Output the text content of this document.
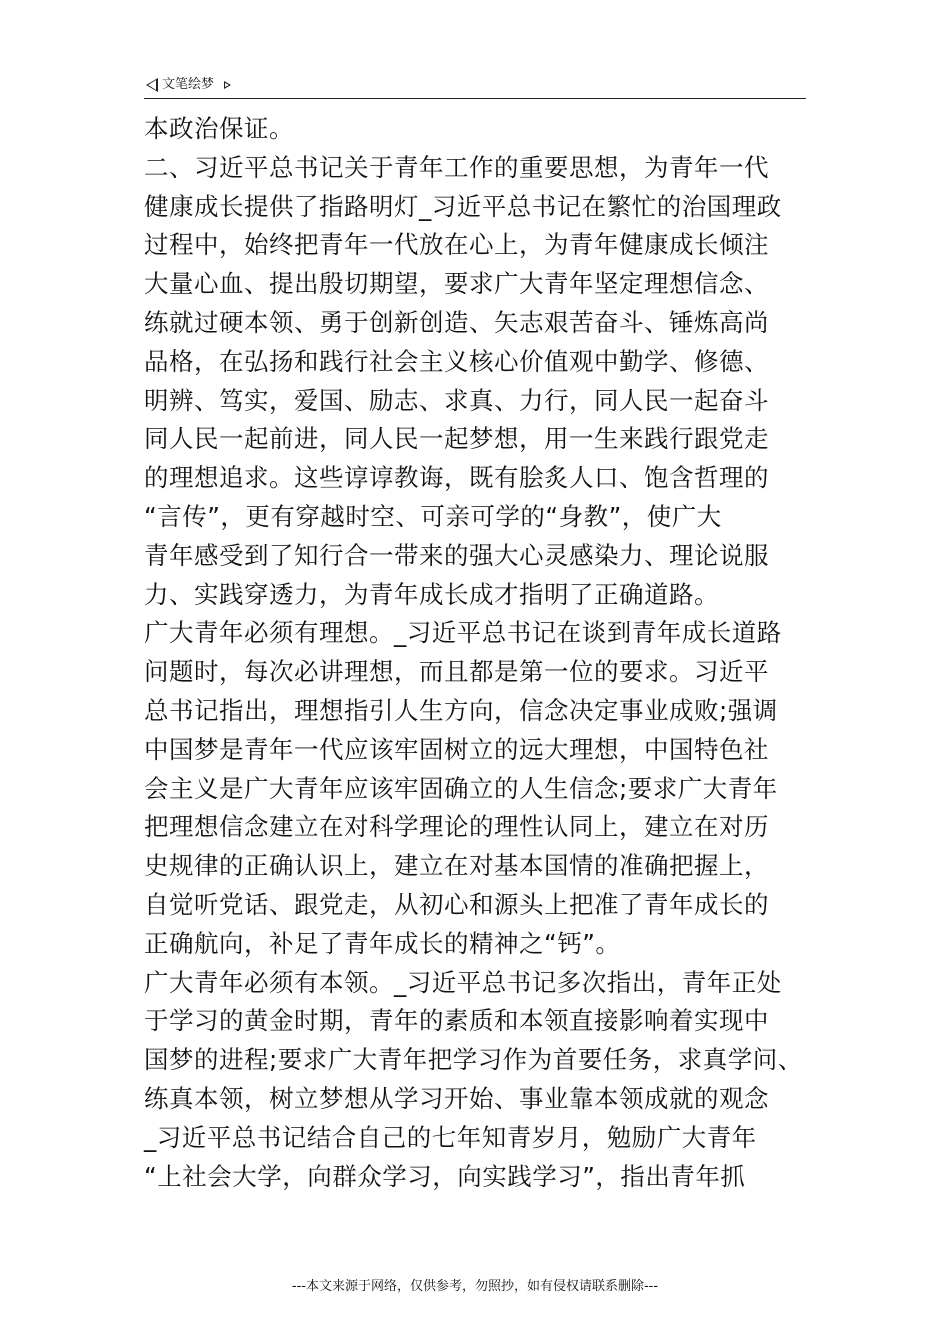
文笔绘梦
本政治保证。
二、习近平总书记关于青年工作的重要思想，为青年一代
健康成长提供了指路明灯_习近平总书记在繁忙的治国理政
过程中，始终把青年一代放在心上，为青年健康成长倾注
大量心血、提出殷切期望，要求广大青年坚定理想信念、
练就过硬本领、勇于创新创造、矢志艰苦奋斗、锤炼高尚
品格，在弘扬和践行社会主义核心价值观中勤学、修德、
明辨、笃实，爱国、励志、求真、力行，同人民一起奋斗
同人民一起前进，同人民一起梦想，用一生来践行跟党走
的理想追求。这些谆谆教诲，既有脍炙人口、饱含哲理的
“言传”，更有穿越时空、可亲可学的“身教”，使广大
青年感受到了知行合一带来的强大心灵感染力、理论说服
力、实践穿透力，为青年成长成才指明了正确道路。
广大青年必须有理想。_习近平总书记在谈到青年成长道路
问题时，每次必讲理想，而且都是第一位的要求。习近平
总书记指出，理想指引人生方向，信念决定事业成败;强调
中国梦是青年一代应该牢固树立的远大理想，中国特色社
会主义是广大青年应该牢固确立的人生信念;要求广大青年
把理想信念建立在对科学理论的理性认同上，建立在对历
史规律的正确认识上，建立在对基本国情的准确把握上，
自觉听党话、跟党走，从初心和源头上把准了青年成长的
正确航向，补足了青年成长的精神之“钙”。
广大青年必须有本领。_习近平总书记多次指出，青年正处
于学习的黄金时期，青年的素质和本领直接影响着实现中
国梦的进程;要求广大青年把学习作为首要任务，求真学问、
练真本领，树立梦想从学习开始、事业靠本领成就的观念
_习近平总书记结合自己的七年知青岁月，勉励广大青年
“上社会大学，向群众学习，向实践学习”，指出青年抓
---本文来源于网络，仅供参考，勿照抄，如有侵权请联系删除---
